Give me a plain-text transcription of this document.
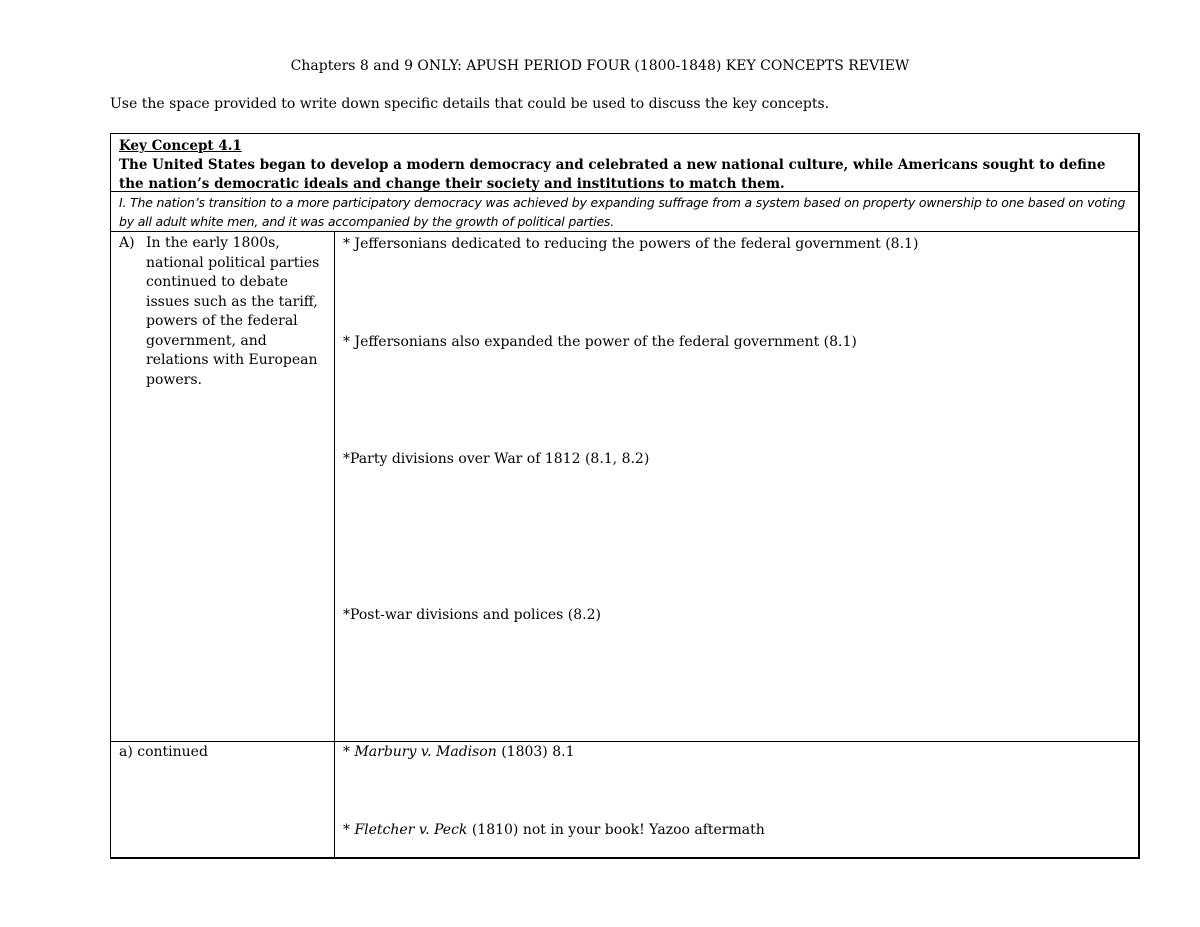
Chapters 8 and 9 ONLY: APUSH PERIOD FOUR (1800-1848) KEY CONCEPTS REVIEW
Use the space provided to write down specific details that could be used to discuss the key concepts.
Key Concept 4.1
The United States began to develop a modern democracy and celebrated a new national culture, while Americans sought to define the nation’s democratic ideals and change their society and institutions to match them.
I. The nation’s transition to a more participatory democracy was achieved by expanding suffrage from a system based on property ownership to one based on voting by all adult white men, and it was accompanied by the growth of political parties.
A) In the early 1800s, national political parties continued to debate issues such as the tariff, powers of the federal government, and relations with European powers.
* Jeffersonians dedicated to reducing the powers of the federal government (8.1)
* Jeffersonians also expanded the power of the federal government (8.1)
*Party divisions over War of 1812 (8.1, 8.2)
*Post-war divisions and polices (8.2)
a) continued	* Marbury v. Madison (1803) 8.1
* Fletcher v. Peck (1810) not in your book! Yazoo aftermath
